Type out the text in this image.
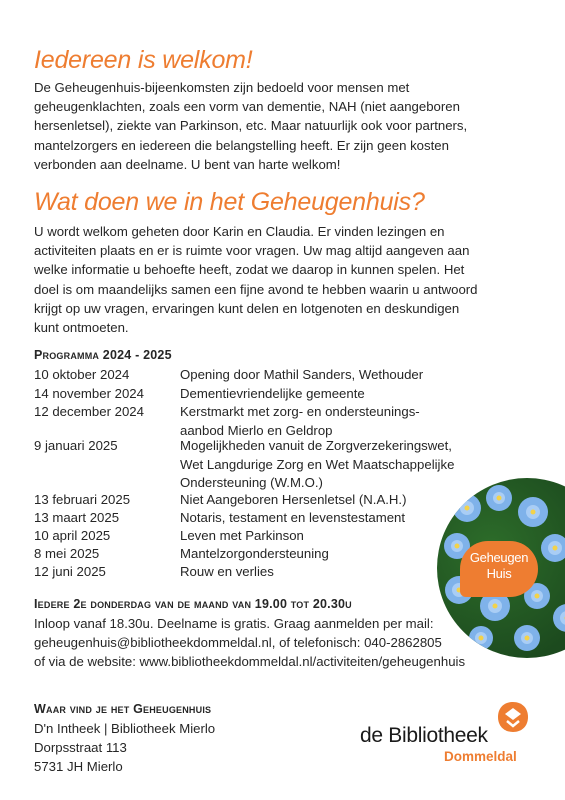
Iedereen is welkom!
De Geheugenhuis-bijeenkomsten zijn bedoeld voor mensen met
geheugenklachten, zoals een vorm van dementie, NAH (niet aangeboren
hersenletsel), ziekte van Parkinson, etc. Maar natuurlijk ook voor partners,
mantelzorgers en iedereen die belangstelling heeft. Er zijn geen kosten
verbonden aan deelname. U bent van harte welkom!
Wat doen we in het Geheugenhuis?
U wordt welkom geheten door Karin en Claudia. Er vinden lezingen en
activiteiten plaats en er is ruimte voor vragen. Uw mag altijd aangeven aan
welke informatie u behoefte heeft, zodat we daarop in kunnen spelen. Het
doel is om maandelijks samen een fijne avond te hebben waarin u antwoord
krijgt op uw vragen, ervaringen kunt delen en lotgenoten en deskundigen
kunt ontmoeten.
Programma 2024 - 2025
10 oktober 2024	Opening door Mathil Sanders, Wethouder
14 november 2024	Dementievriendelijke gemeente
12 december 2024	Kerstmarkt met zorg- en ondersteunings-
aanbod Mierlo en Geldrop
9 januari 2025	Mogelijkheden vanuit de Zorgverzekeringswet,
Wet Langdurige Zorg en Wet Maatschappelijke
Ondersteuning (W.M.O.)
13 februari 2025	Niet Aangeboren Hersenletsel (N.A.H.)
13 maart 2025	Notaris, testament en levenstestament
10 april 2025	Leven met Parkinson
8 mei 2025	Mantelzorgondersteuning
12 juni 2025	Rouw en verlies
Geheugen
Huis
Iedere 2e donderdag van de maand van 19.00 tot 20.30u
Inloop vanaf 18.30u. Deelname is gratis. Graag aanmelden per mail:
geheugenhuis@bibliotheekdommeldal.nl, of telefonisch: 040-2862805
of via de website: www.bibliotheekdommeldal.nl/activiteiten/geheugenhuis
Waar vind je het Geheugenhuis
D'n Intheek | Bibliotheek Mierlo
Dorpsstraat 113
5731 JH Mierlo
de Bibliotheek
Dommeldal
